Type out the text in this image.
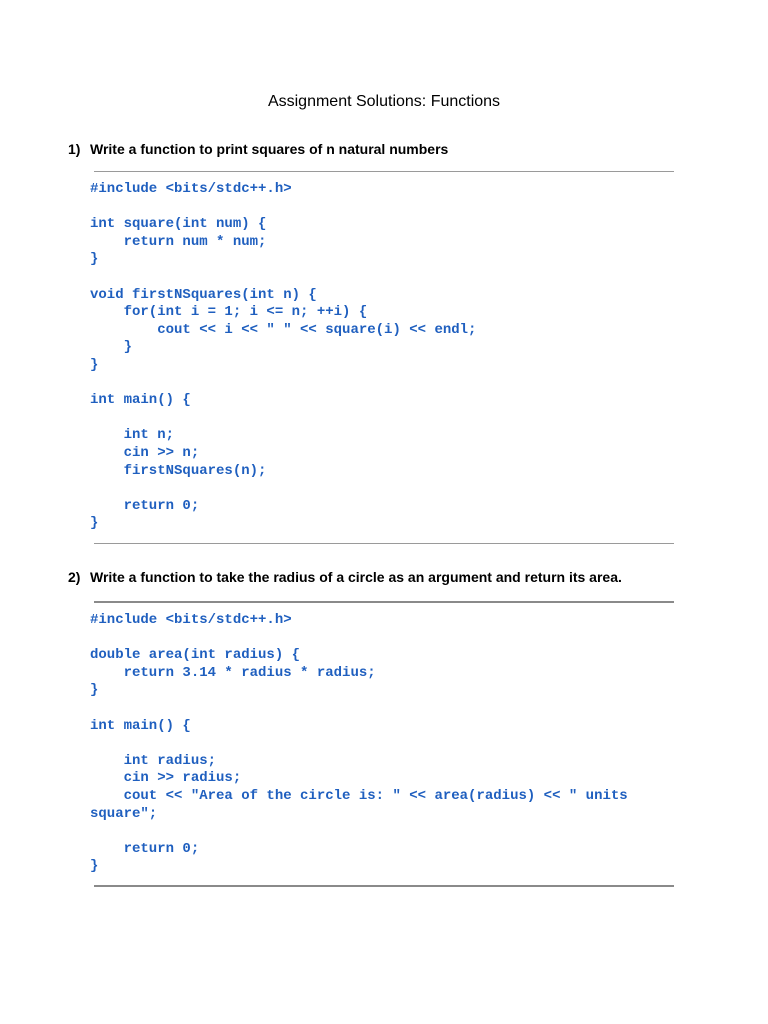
Assignment Solutions: Functions

1) Write a function to print squares of n natural numbers

#include <bits/stdc++.h>

int square(int num) {
return num * num;
}

void firstNSquares(int n) {
for(int i = 1; i <= n; ++i) {
cout << i << " " << square(i) << endl;
}
}

int main() {

int n;
cin >> n;
firstNSquares(n);

return 0;
}

2) Write a function to take the radius of a circle as an argument and return its area.

#include <bits/stdc++.h>

double area(int radius) {
return 3.14 * radius * radius;
}

int main() {

int radius;
cin >> radius;
cout << "Area of the circle is: " << area(radius) << " units
square";

return 0;
}
